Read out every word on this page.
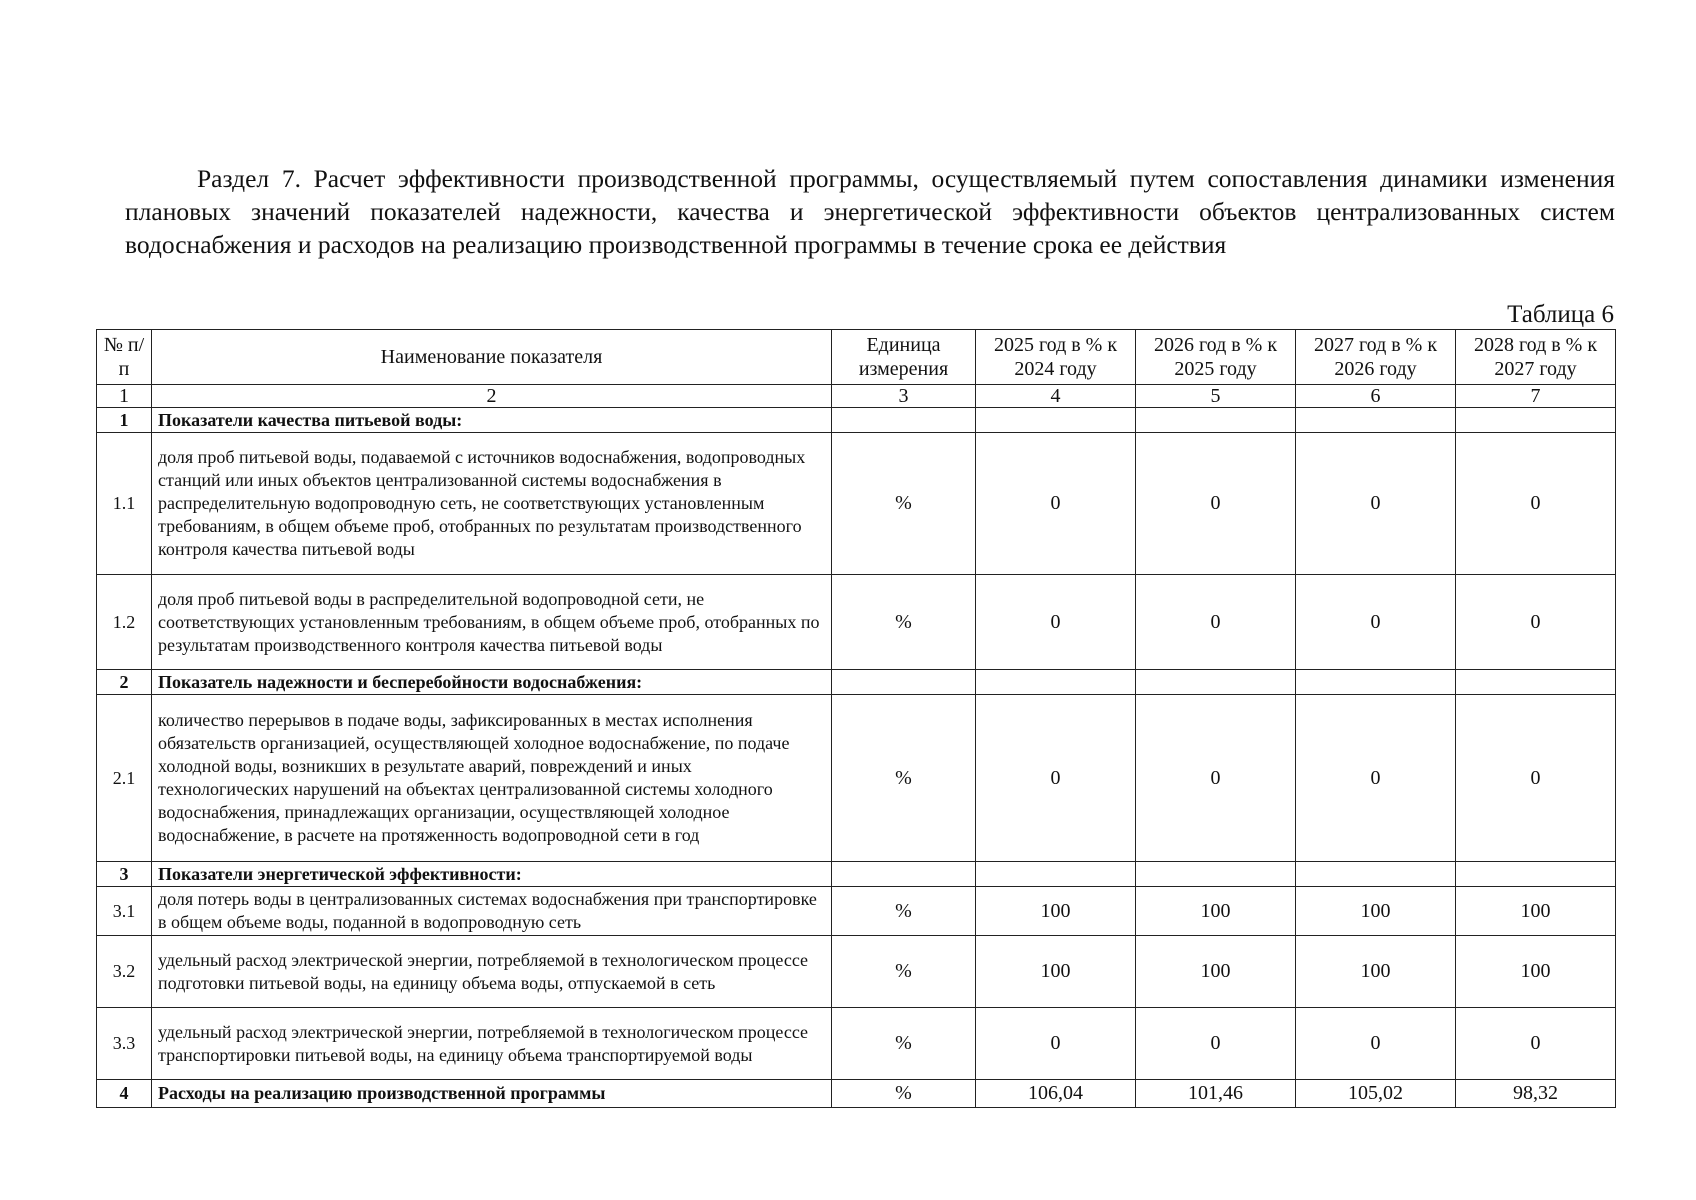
Раздел 7. Расчет эффективности производственной программы, осуществляемый путем сопоставления динамики изменения плановых значений показателей надежности, качества и энергетической эффективности объектов централизованных систем водоснабжения и расходов на реализацию производственной программы в течение срока ее действия
Таблица 6
№ п/п	Наименование показателя	Единица измерения	2025 год в % к 2024 году	2026 год в % к 2025 году	2027 год в % к 2026 году	2028 год в % к 2027 году
1	2	3	4	5	6	7
1	Показатели качества питьевой воды:					
1.1	доля проб питьевой воды, подаваемой с источников водоснабжения, водопроводных станций или иных объектов централизованной системы водоснабжения в распределительную водопроводную сеть, не соответствующих установленным требованиям, в общем объеме проб, отобранных по результатам производственного контроля качества питьевой воды	%	0	0	0	0
1.2	доля проб питьевой воды в распределительной водопроводной сети, не соответствующих установленным требованиям, в общем объеме проб, отобранных по результатам производственного контроля качества питьевой воды	%	0	0	0	0
2	Показатель надежности и бесперебойности водоснабжения:					
2.1	количество перерывов в подаче воды, зафиксированных в местах исполнения обязательств организацией, осуществляющей холодное водоснабжение, по подаче холодной воды, возникших в результате аварий, повреждений и иных технологических нарушений на объектах централизованной системы холодного водоснабжения, принадлежащих организации, осуществляющей холодное водоснабжение, в расчете на протяженность водопроводной сети в год	%	0	0	0	0
3	Показатели энергетической эффективности:					
3.1	доля потерь воды в централизованных системах водоснабжения при транспортировке в общем объеме воды, поданной в водопроводную сеть	%	100	100	100	100
3.2	удельный расход электрической энергии, потребляемой в технологическом процессе подготовки питьевой воды, на единицу объема воды, отпускаемой в сеть	%	100	100	100	100
3.3	удельный расход электрической энергии, потребляемой в технологическом процессе транспортировки питьевой воды, на единицу объема транспортируемой воды	%	0	0	0	0
4	Расходы на реализацию производственной программы	%	106,04	101,46	105,02	98,32
